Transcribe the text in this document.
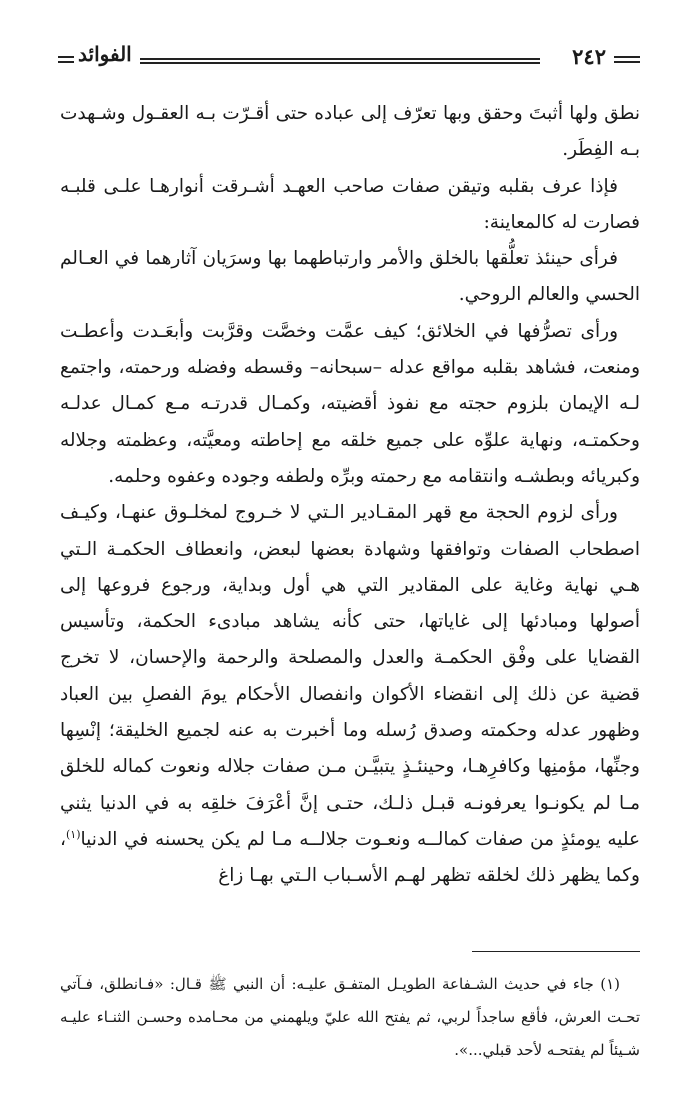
٢٤٢
الفوائد

نطق ولها أثبتَ وحقق وبها تعرّف إلى عباده حتى أقـرّت بـه العقـول وشـهدت بـه الفِطَر.

فإذا عرف بقلبه وتيقن صفات صاحب العهـد أشـرقت أنوارهـا علـى قلبـه فصارت له كالمعاينة:

فرأى حينئذ تعلُّقها بالخلق والأمر وارتباطهما بها وسرَيان آثارهما في العـالم الحسي والعالم الروحي.

ورأى تصرُّفها في الخلائق؛ كيف عمَّت وخصَّت وقرَّبت وأبعَـدت وأعطـت ومنعت، فشاهد بقلبه مواقع عدله –سبحانه– وقسطه وفضله ورحمته، واجتمع لـه الإيمان بلزوم حجته مع نفوذ أقضيته، وكمـال قدرتـه مـع كمـال عدلـه وحكمتـه، ونهاية علوِّه على جميع خلقه مع إحاطته ومعيَّته، وعظمته وجلاله وكبريائه وبطشـه وانتقامه مع رحمته وبرِّه ولطفه وجوده وعفوه وحلمه.

ورأى لزوم الحجة مع قهر المقـادير الـتي لا خـروج لمخلـوق عنهـا، وكيـف اصطحاب الصفات وتوافقها وشهادة بعضها لبعض، وانعطاف الحكمـة الـتي هـي نهاية وغاية على المقادير التي هي أول وبداية، ورجوع فروعها إلى أصولها ومبادئها إلى غاياتها، حتى كأنه يشاهد مبادىء الحكمة، وتأسيس القضايا على وفْق الحكمـة والعدل والمصلحة والرحمة والإحسان، لا تخرج قضية عن ذلك إلى انقضاء الأكوان وانفصال الأحكام يومَ الفصلِ بين العباد وظهور عدله وحكمته وصدق رُسله وما أخبرت به عنه لجميع الخليقة؛ إنْسِها وجنِّها، مؤمنِها وكافرِهـا، وحينئـذٍ يتبيَّـن مـن صفات جلاله ونعوت كماله للخلق مـا لم يكونـوا يعرفونـه قبـل ذلـك، حتـى إنَّ أعْرَفَ خلقِه به في الدنيا يثني عليه يومئذٍ من صفات كمالــه ونعـوت جلالــه مـا لم يكن يحسنه في الدنيا$^{(١)}$، وكما يظهر ذلك لخلقه تظهر لهـم الأسـباب الـتي بهـا زاغ

(١) جاء في حديث الشـفاعة الطويـل المتفـق عليـه: أن النبي ﷺ قـال: «فـانطلق، فـآتي تحـت العرش، فأقع ساجداً لربي، ثم يفتح الله عليّ ويلهمني من محـامده وحسـن الثنـاء عليـه شـيئاً لم يفتحـه لأحد قبلي...».
